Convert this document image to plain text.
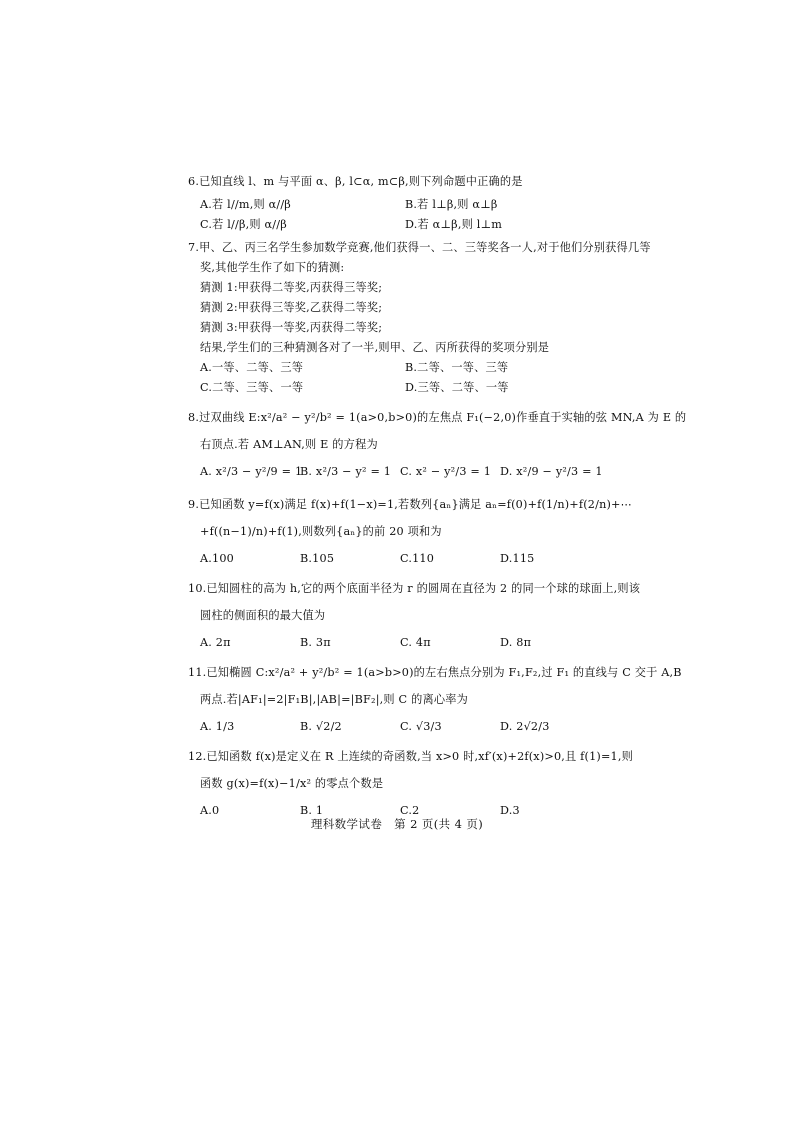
6.已知直线 l、m 与平面 α、β, l⊂α, m⊂β,则下列命题中正确的是
A.若 l//m,则 α//β	B.若 l⊥β,则 α⊥β
C.若 l//β,则 α//β	D.若 α⊥β,则 l⊥m
7.甲、乙、丙三名学生参加数学竞赛,他们获得一、二、三等奖各一人,对于他们分别获得几等
奖,其他学生作了如下的猜测:
猜测 1:甲获得二等奖,丙获得三等奖;
猜测 2:甲获得三等奖,乙获得二等奖;
猜测 3:甲获得一等奖,丙获得二等奖;
结果,学生们的三种猜测各对了一半,则甲、乙、丙所获得的奖项分别是
A.一等、二等、三等	B.二等、一等、三等
C.二等、三等、一等	D.三等、二等、一等
8.过双曲线 E:x²/a² − y²/b² = 1(a>0,b>0)的左焦点 F₁(−2,0)作垂直于实轴的弦 MN,A 为 E 的
右顶点.若 AM⊥AN,则 E 的方程为
A. x²/3 − y²/9 = 1
B. x²/3 − y² = 1 C. x² − y²/3 = 1 D. x²/9 − y²/3 = 1
9.已知函数 y=f(x)满足 f(x)+f(1−x)=1,若数列{aₙ}满足 aₙ=f(0)+f(1/n)+f(2/n)+⋯
+f((n−1)/n)+f(1),则数列{aₙ}的前 20 项和为
A.100	B.105	C.110	D.115
10.已知圆柱的高为 h,它的两个底面半径为 r 的圆周在直径为 2 的同一个球的球面上,则该
圆柱的侧面积的最大值为
A. 2π	B. 3π	C. 4π	D. 8π
11.已知椭圆 C:x²/a² + y²/b² = 1(a>b>0)的左右焦点分别为 F₁,F₂,过 F₁ 的直线与 C 交于 A,B
两点.若|AF₁|=2|F₁B|,|AB|=|BF₂|,则 C 的离心率为
A. 1/3	B. √2/2	C. √3/3	D. 2√2/3
12.已知函数 f(x)是定义在 R 上连续的奇函数,当 x>0 时,xf′(x)+2f(x)>0,且 f(1)=1,则
函数 g(x)=f(x)−1/x² 的零点个数是
A.0	B. 1	C.2	D.3
理科数学试卷　第 2 页(共 4 页)
